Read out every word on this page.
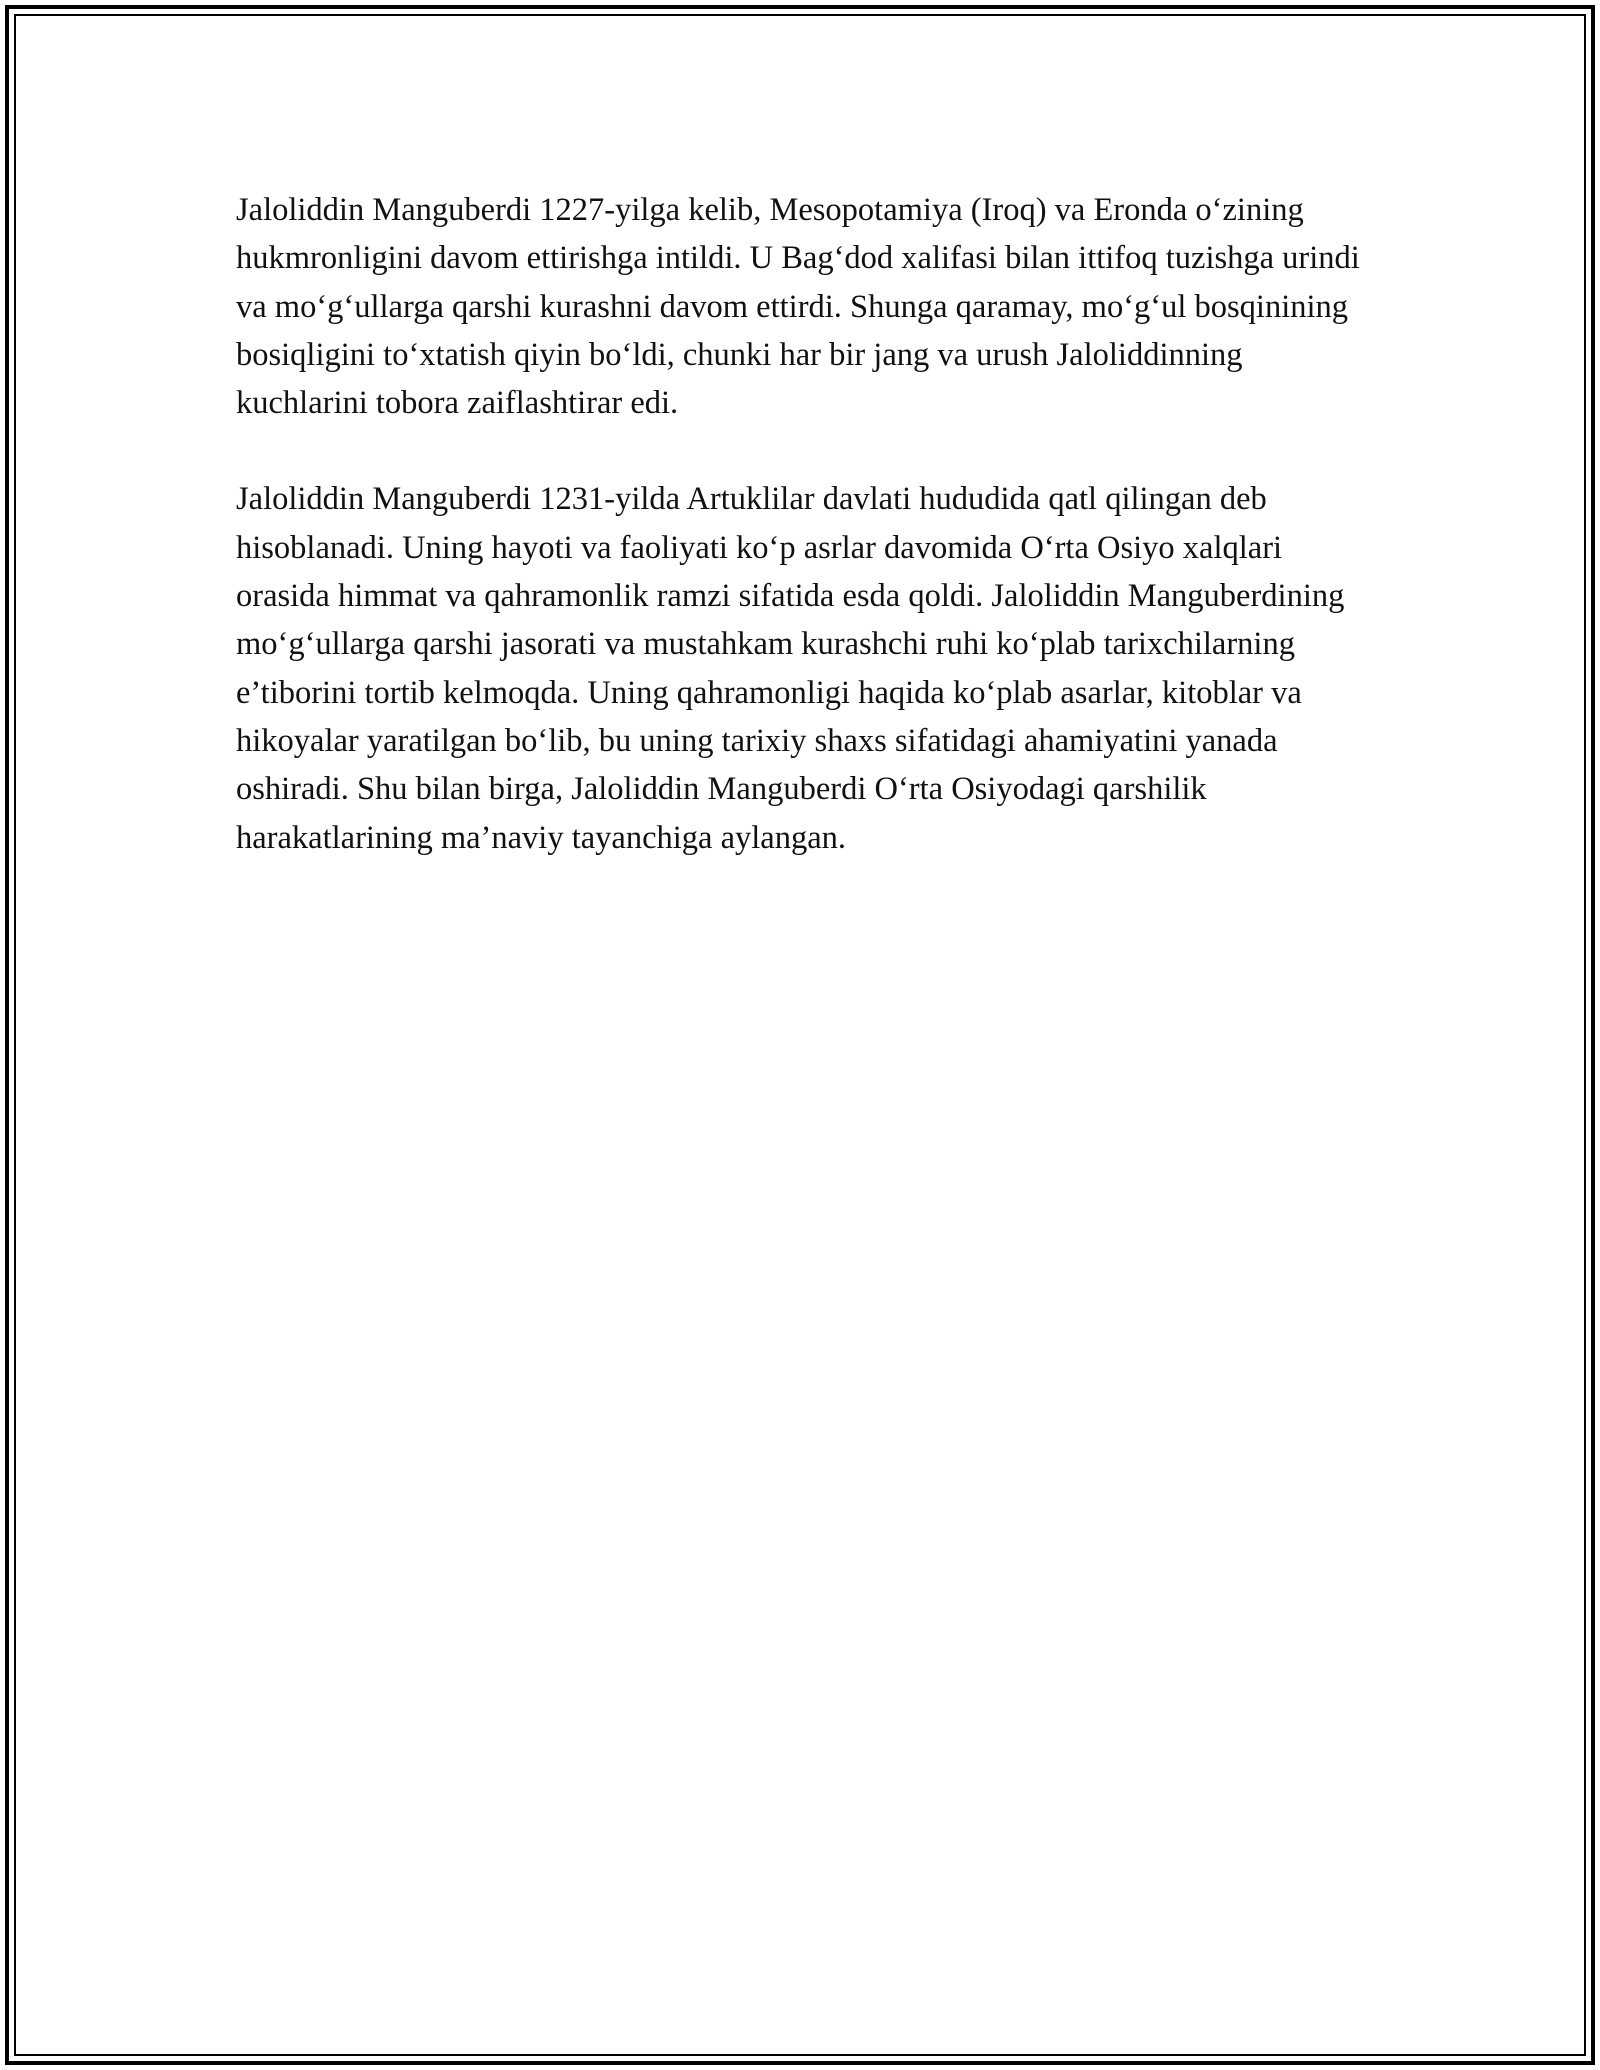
Jaloliddin Manguberdi 1227-yilga kelib, Mesopotamiya (Iroq) va Eronda o‘zining hukmronligini davom ettirishga intildi. U Bag‘dod xalifasi bilan ittifoq tuzishga urindi va mo‘g‘ullarga qarshi kurashni davom ettirdi. Shunga qaramay, mo‘g‘ul bosqinining bosiqligini to‘xtatish qiyin bo‘ldi, chunki har bir jang va urush Jaloliddinning kuchlarini tobora zaiflashtirar edi.

Jaloliddin Manguberdi 1231-yilda Artuklilar davlati hududida qatl qilingan deb hisoblanadi. Uning hayoti va faoliyati ko‘p asrlar davomida O‘rta Osiyo xalqlari orasida himmat va qahramonlik ramzi sifatida esda qoldi. Jaloliddin Manguberdining mo‘g‘ullarga qarshi jasorati va mustahkam kurashchi ruhi ko‘plab tarixchilarning e’tiborini tortib kelmoqda. Uning qahramonligi haqida ko‘plab asarlar, kitoblar va hikoyalar yaratilgan bo‘lib, bu uning tarixiy shaxs sifatidagi ahamiyatini yanada oshiradi. Shu bilan birga, Jaloliddin Manguberdi O‘rta Osiyodagi qarshilik harakatlarining ma’naviy tayanchiga aylangan.
